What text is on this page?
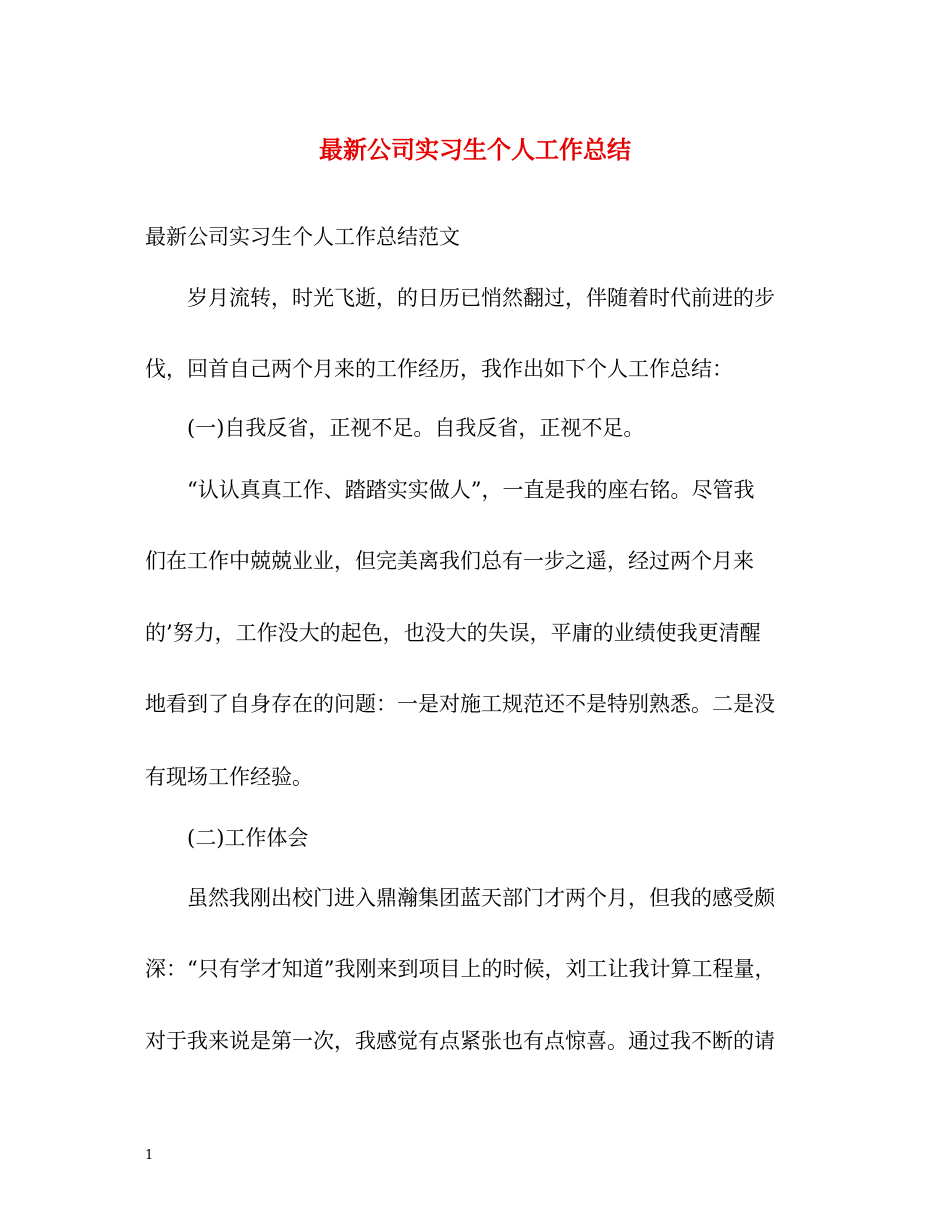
最新公司实习生个人工作总结
最新公司实习生个人工作总结范文
岁月流转，时光飞逝，的日历已悄然翻过，伴随着时代前进的步
伐，回首自己两个月来的工作经历，我作出如下个人工作总结：
(一)自我反省，正视不足。自我反省，正视不足。
“认认真真工作、踏踏实实做人”，一直是我的座右铭。尽管我
们在工作中兢兢业业，但完美离我们总有一步之遥，经过两个月来
的’努力，工作没大的起色，也没大的失误，平庸的业绩使我更清醒
地看到了自身存在的问题：一是对施工规范还不是特别熟悉。二是没
有现场工作经验。
(二)工作体会
虽然我刚出校门进入鼎瀚集团蓝天部门才两个月，但我的感受颇
深：“只有学才知道”我刚来到项目上的时候，刘工让我计算工程量，
对于我来说是第一次，我感觉有点紧张也有点惊喜。通过我不断的请
1
